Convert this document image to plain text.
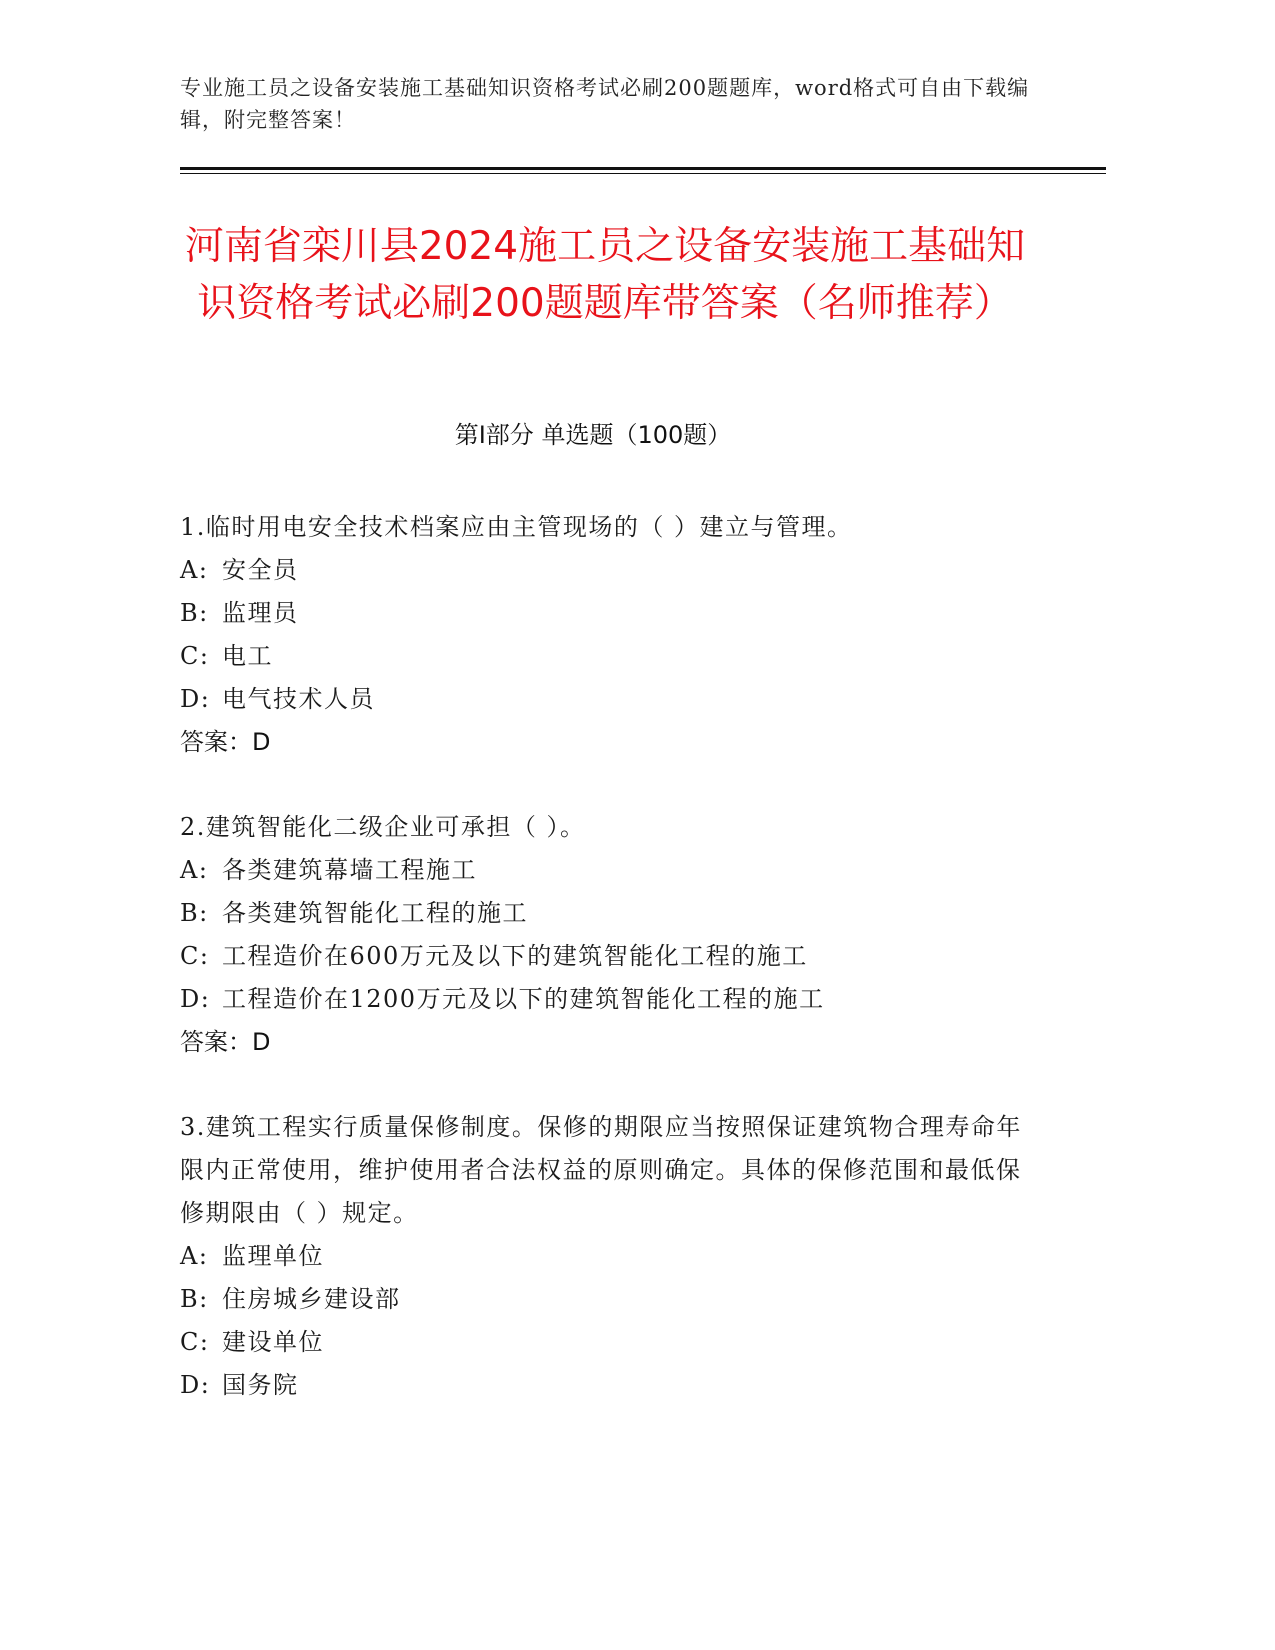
专业施工员之设备安装施工基础知识资格考试必刷200题题库，word格式可自由下载编辑，附完整答案！
河南省栾川县2024施工员之设备安装施工基础知识资格考试必刷200题题库带答案（名师推荐）
第Ⅰ部分 单选题（100题）
1.临时用电安全技术档案应由主管现场的（ ）建立与管理。
A: 安全员
B: 监理员
C: 电工
D: 电气技术人员
答案：D
2.建筑智能化二级企业可承担（ ）。
A: 各类建筑幕墙工程施工
B: 各类建筑智能化工程的施工
C: 工程造价在600万元及以下的建筑智能化工程的施工
D: 工程造价在1200万元及以下的建筑智能化工程的施工
答案：D
3.建筑工程实行质量保修制度。保修的期限应当按照保证建筑物合理寿命年限内正常使用，维护使用者合法权益的原则确定。具体的保修范围和最低保修期限由（ ）规定。
A: 监理单位
B: 住房城乡建设部
C: 建设单位
D: 国务院
